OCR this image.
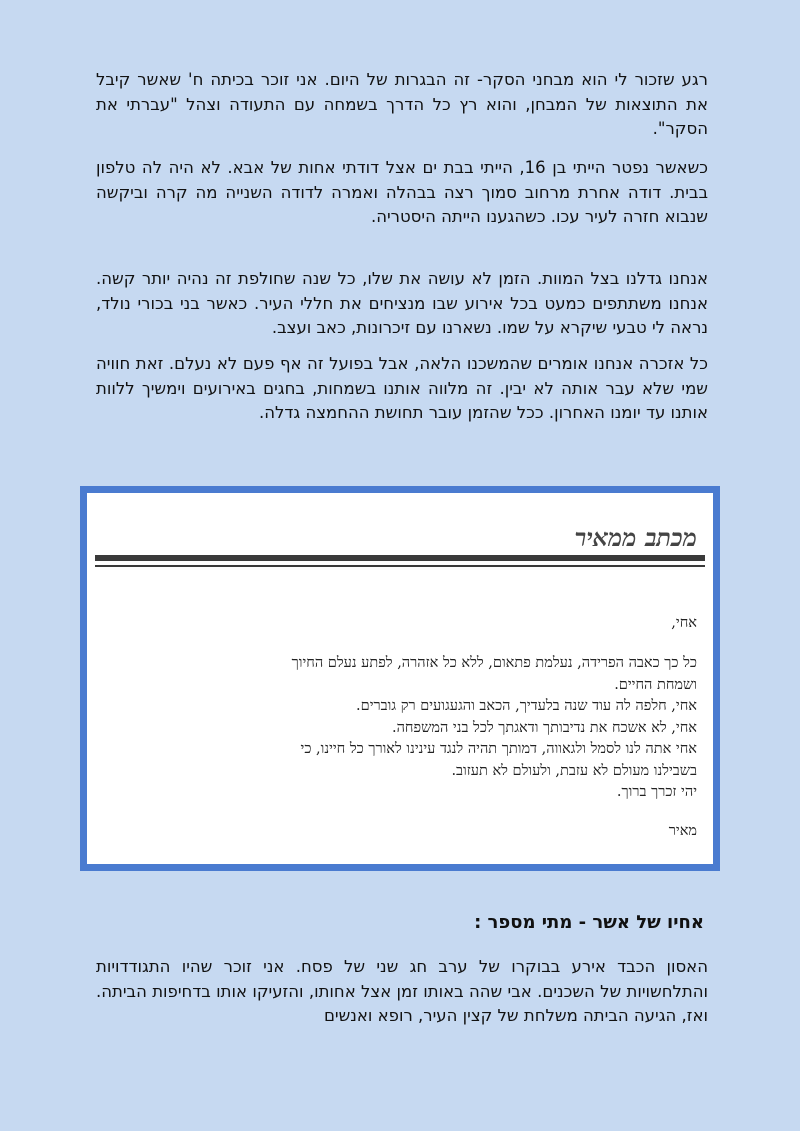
רגע שזכור לי הוא מבחני הסקר- זה הבגרות של היום. אני זוכר בכיתה ח' שאשר קיבל את התוצאות של המבחן, והוא רץ כל הדרך בשמחה עם התעודה וצהל "עברתי את הסקר".

כשאשר נפטר הייתי בן 16, הייתי בבת ים אצל דודתי אחות של אבא. לא היה לה טלפון בבית. דודה אחרת מרחוב סמוך רצה בבהלה ואמרה לדודה השנייה מה קרה וביקשה שנבוא חזרה לעיר עכו. כשהגענו הייתה היסטריה.

אנחנו גדלנו בצל המוות. הזמן לא עושה את שלו, כל שנה שחולפת זה נהיה יותר קשה. אנחנו משתתפים כמעט בכל אירוע שבו מנציחים את חללי העיר. כאשר בני בכורי נולד, נראה לי טבעי שיקרא על שמו. נשארנו עם זיכרונות, כאב ועצב.

כל אזכרה אנחנו אומרים שהמשכנו הלאה, אבל בפועל זה אף פעם לא נעלם. זאת חוויה שמי שלא עבר אותה לא יבין. זה מלווה אותנו בשמחות, בחגים באירועים וימשיך ללוות אותנו עד יומנו האחרון. ככל שהזמן עובר תחושת ההחמצה גדלה.

מכתב ממאיר

אחי,

כל כך כאבה הפרידה, נעלמת פתאום, ללא כל אזהרה, לפתע נעלם החיוך
ושמחת החיים.
אחי, חלפה לה עוד שנה בלעדיך, הכאב והגעגועים רק גוברים.
אחי, לא אשכח את נדיבותך ודאגתך לכל בני המשפחה.
אחי אתה לנו לסמל ולגאווה, דמותך תהיה לנגד עינינו לאורך כל חיינו, כי
בשבילנו מעולם לא עזבת, ולעולם לא תעזוב.
יהי זכרך ברוך.

מאיר

אחיו של אשר - מתי מספר :

האסון הכבד אירע בבוקרו של ערב חג שני של פסח. אני זוכר שהיו התגודדויות והתלחשויות של השכנים. אבי שהה באותו זמן אצל אחותו, והזעיקו אותו בדחיפות הביתה. ואז, הגיעה הביתה משלחת של קצין העיר, רופא ואנשים
